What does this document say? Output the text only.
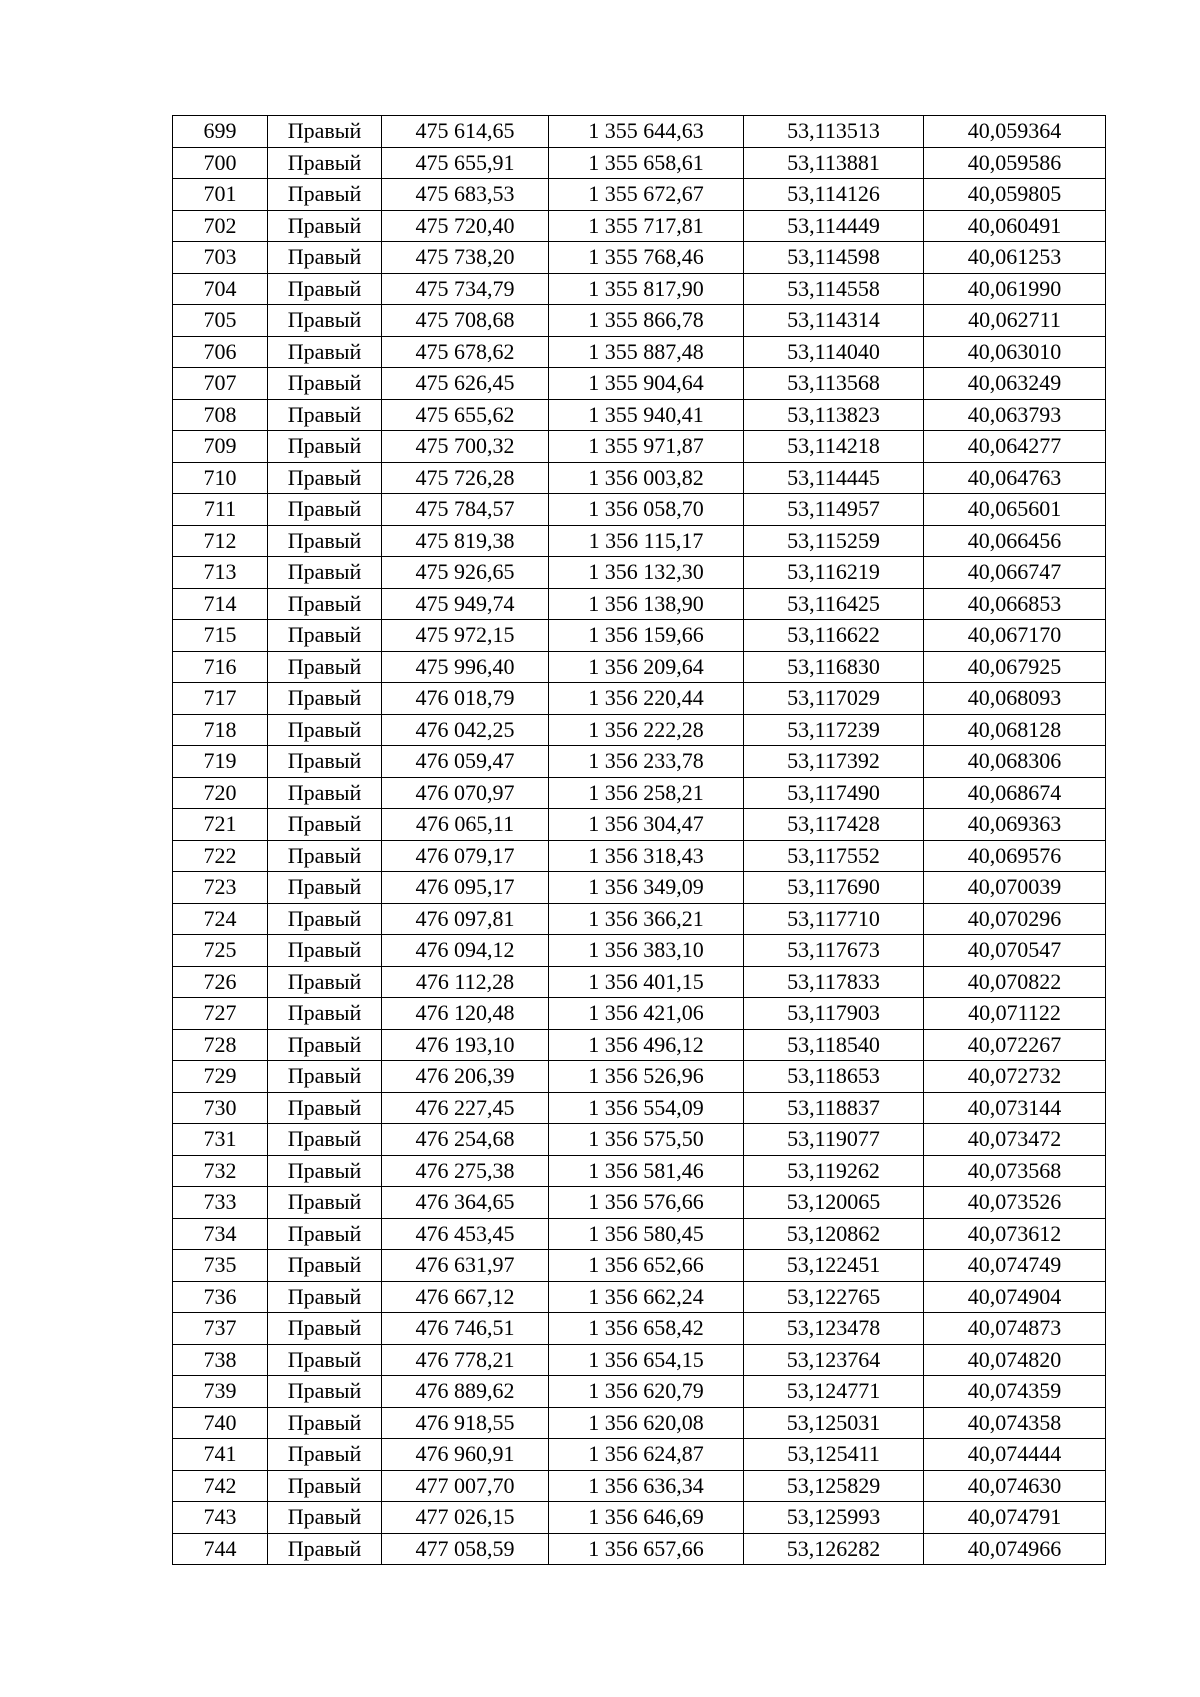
699	Правый	475 614,65	1 355 644,63	53,113513	40,059364
700	Правый	475 655,91	1 355 658,61	53,113881	40,059586
701	Правый	475 683,53	1 355 672,67	53,114126	40,059805
702	Правый	475 720,40	1 355 717,81	53,114449	40,060491
703	Правый	475 738,20	1 355 768,46	53,114598	40,061253
704	Правый	475 734,79	1 355 817,90	53,114558	40,061990
705	Правый	475 708,68	1 355 866,78	53,114314	40,062711
706	Правый	475 678,62	1 355 887,48	53,114040	40,063010
707	Правый	475 626,45	1 355 904,64	53,113568	40,063249
708	Правый	475 655,62	1 355 940,41	53,113823	40,063793
709	Правый	475 700,32	1 355 971,87	53,114218	40,064277
710	Правый	475 726,28	1 356 003,82	53,114445	40,064763
711	Правый	475 784,57	1 356 058,70	53,114957	40,065601
712	Правый	475 819,38	1 356 115,17	53,115259	40,066456
713	Правый	475 926,65	1 356 132,30	53,116219	40,066747
714	Правый	475 949,74	1 356 138,90	53,116425	40,066853
715	Правый	475 972,15	1 356 159,66	53,116622	40,067170
716	Правый	475 996,40	1 356 209,64	53,116830	40,067925
717	Правый	476 018,79	1 356 220,44	53,117029	40,068093
718	Правый	476 042,25	1 356 222,28	53,117239	40,068128
719	Правый	476 059,47	1 356 233,78	53,117392	40,068306
720	Правый	476 070,97	1 356 258,21	53,117490	40,068674
721	Правый	476 065,11	1 356 304,47	53,117428	40,069363
722	Правый	476 079,17	1 356 318,43	53,117552	40,069576
723	Правый	476 095,17	1 356 349,09	53,117690	40,070039
724	Правый	476 097,81	1 356 366,21	53,117710	40,070296
725	Правый	476 094,12	1 356 383,10	53,117673	40,070547
726	Правый	476 112,28	1 356 401,15	53,117833	40,070822
727	Правый	476 120,48	1 356 421,06	53,117903	40,071122
728	Правый	476 193,10	1 356 496,12	53,118540	40,072267
729	Правый	476 206,39	1 356 526,96	53,118653	40,072732
730	Правый	476 227,45	1 356 554,09	53,118837	40,073144
731	Правый	476 254,68	1 356 575,50	53,119077	40,073472
732	Правый	476 275,38	1 356 581,46	53,119262	40,073568
733	Правый	476 364,65	1 356 576,66	53,120065	40,073526
734	Правый	476 453,45	1 356 580,45	53,120862	40,073612
735	Правый	476 631,97	1 356 652,66	53,122451	40,074749
736	Правый	476 667,12	1 356 662,24	53,122765	40,074904
737	Правый	476 746,51	1 356 658,42	53,123478	40,074873
738	Правый	476 778,21	1 356 654,15	53,123764	40,074820
739	Правый	476 889,62	1 356 620,79	53,124771	40,074359
740	Правый	476 918,55	1 356 620,08	53,125031	40,074358
741	Правый	476 960,91	1 356 624,87	53,125411	40,074444
742	Правый	477 007,70	1 356 636,34	53,125829	40,074630
743	Правый	477 026,15	1 356 646,69	53,125993	40,074791
744	Правый	477 058,59	1 356 657,66	53,126282	40,074966
